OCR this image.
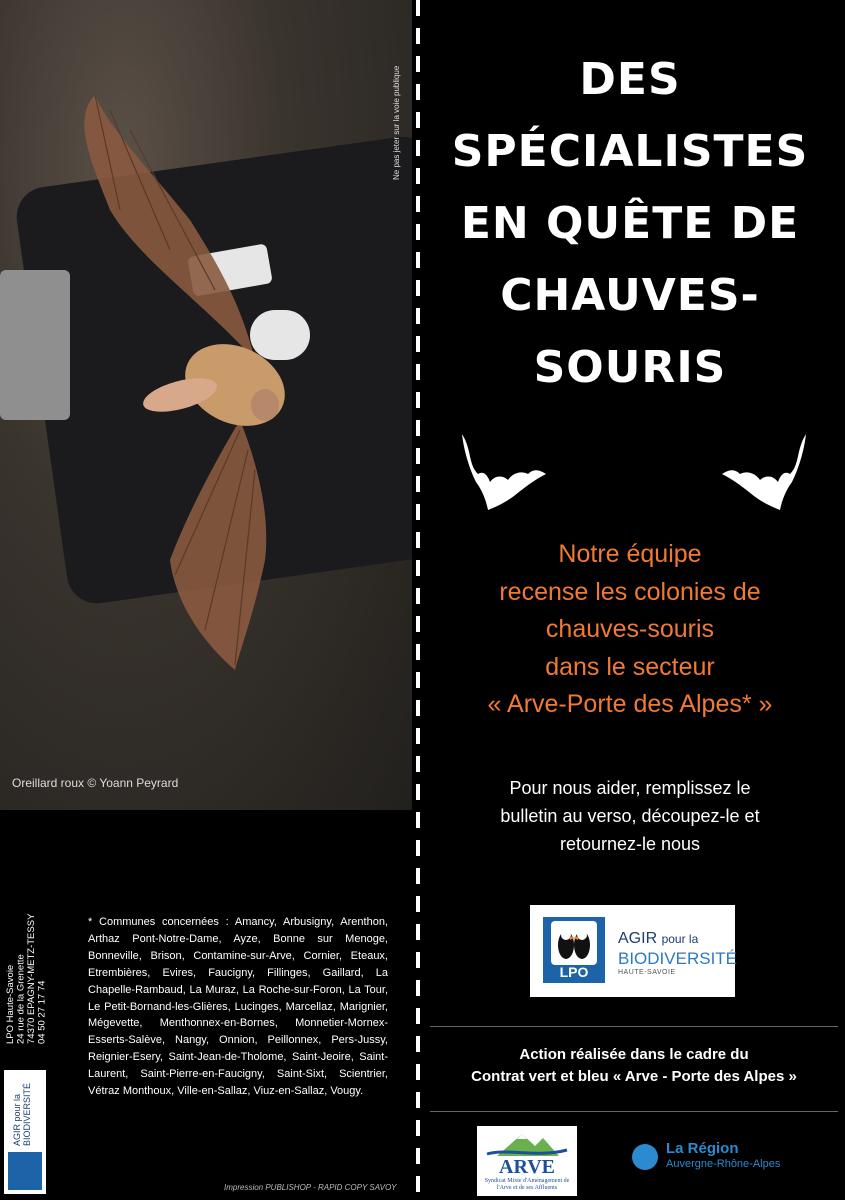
Ne pas jeter sur la voie publique
Oreillard roux © Yoann Peyrard
DES
SPÉCIALISTES
EN QUÊTE DE
CHAUVES-
SOURIS
Notre équipe
recense les colonies de
chauves-souris
dans le secteur
« Arve-Porte des Alpes* »
Pour nous aider, remplissez le
bulletin au verso, découpez-le et
retournez-le nous
LPO
AGIR pour la
BIODIVERSITÉ
HAUTE-SAVOIE
Action réalisée dans le cadre du
Contrat vert et bleu « Arve - Porte des Alpes »
ARVE
Syndicat Mixte d'Aménagement de l'Arve et de ses Affluents
La Région
Auvergne-Rhône-Alpes
* Communes concernées : Amancy, Arbusigny, Arenthon, Arthaz Pont-Notre-Dame, Ayze, Bonne sur Menoge, Bonneville, Brison, Contamine-sur-Arve, Cornier, Eteaux, Etrembières, Evires, Faucigny, Fillinges, Gaillard, La Chapelle-Rambaud, La Muraz, La Roche-sur-Foron, La Tour, Le Petit-Bornand-les-Glières, Lucinges, Marcellaz, Marignier, Mégevette, Menthonnex-en-Bornes, Monnetier-Mornex-Esserts-Salève, Nangy, Onnion, Peillonnex, Pers-Jussy, Reignier-Esery, Saint-Jean-de-Tholome, Saint-Jeoire, Saint-Laurent, Saint-Pierre-en-Faucigny, Saint-Sixt, Scientrier, Vétraz Monthoux, Ville-en-Sallaz, Viuz-en-Sallaz, Vougy.
LPO Haute-Savoie 24 rue de la Grenette 74370 EPAGNY-METZ-TESSY 04 50 27 17 74
AGIR pour la BIODIVERSITÉ
Impression PUBLISHOP - RAPID COPY SAVOY
